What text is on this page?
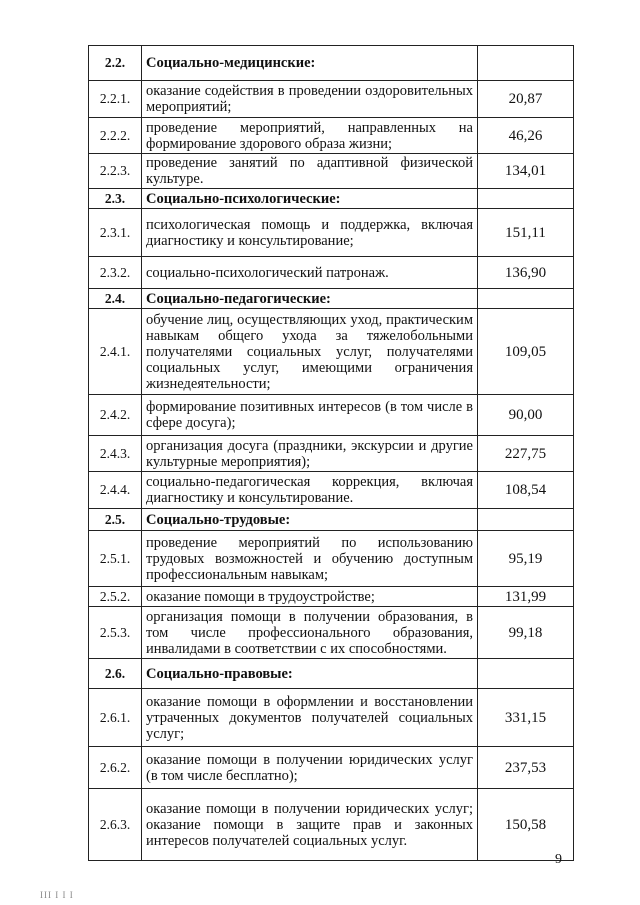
2.2.	Социально-медицинские:	
2.2.1.	оказание содействия в проведении оздоровительных мероприятий;	20,87
2.2.2.	проведение мероприятий, направленных на формирование здорового образа жизни;	46,26
2.2.3.	проведение занятий по адаптивной физической культуре.	134,01
2.3.	Социально-психологические:	
2.3.1.	психологическая помощь и поддержка, включая диагностику и консультирование;	151,11
2.3.2.	социально-психологический патронаж.	136,90
2.4.	Социально-педагогические:	
2.4.1.	обучение лиц, осуществляющих уход, практическим навыкам общего ухода за тяжелобольными получателями социальных услуг, получателями социальных услуг, имеющими ограничения жизнедеятельности;	109,05
2.4.2.	формирование позитивных интересов (в том числе в сфере досуга);	90,00
2.4.3.	организация досуга (праздники, экскурсии и другие культурные мероприятия);	227,75
2.4.4.	социально-педагогическая коррекция, включая диагностику и консультирование.	108,54
2.5.	Социально-трудовые:	
2.5.1.	проведение мероприятий по использованию трудовых возможностей и обучению доступным профессиональным навыкам;	95,19
2.5.2.	оказание помощи в трудоустройстве;	131,99
2.5.3.	организация помощи в получении образования, в том числе профессионального образования, инвалидами в соответствии с их способностями.	99,18
2.6.	Социально-правовые:	
2.6.1.	оказание помощи в оформлении и восстановлении утраченных документов получателей социальных услуг;	331,15
2.6.2.	оказание помощи в получении юридических услуг (в том числе бесплатно);	237,53
2.6.3.	оказание помощи в получении юридических услуг; оказание помощи в защите прав и законных интересов получателей социальных услуг.	150,58
9
III I I I
